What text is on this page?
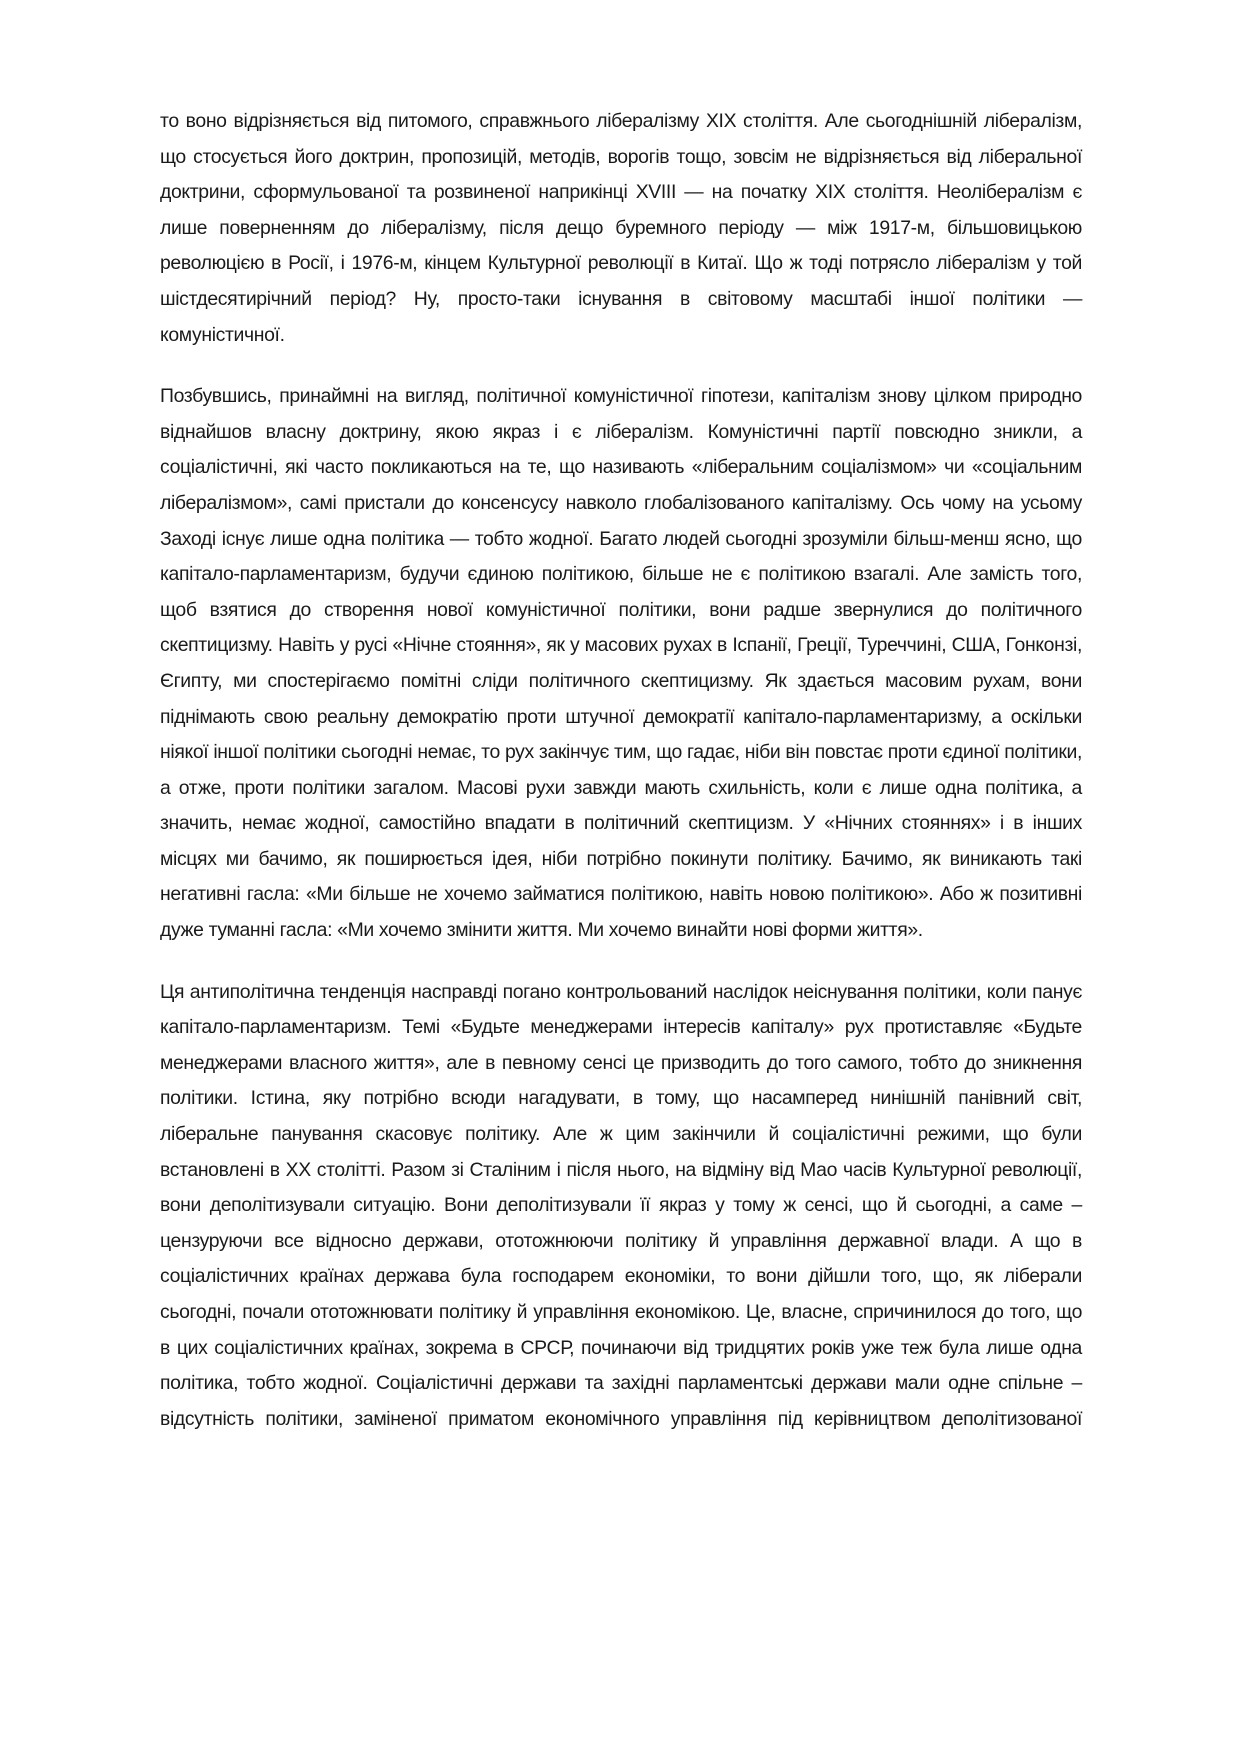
то воно відрізняється від питомого, справжнього лібералізму XIX століття. Але сьогоднішній лібералізм, що стосується його доктрин, пропозицій, методів, ворогів тощо, зовсім не відрізняється від ліберальної доктрини, сформульованої та розвиненої наприкінці XVIII — на початку XIX століття. Неолібералізм є лише поверненням до лібералізму, після дещо буремного періоду — між 1917-м, більшовицькою революцією в Росії, і 1976-м, кінцем Культурної революції в Китаї. Що ж тоді потрясло лібералізм у той шістдесятирічний період? Ну, просто-таки існування в світовому масштабі іншої політики — комуністичної.

Позбувшись, принаймні на вигляд, політичної комуністичної гіпотези, капіталізм знову цілком природно віднайшов власну доктрину, якою якраз і є лібералізм. Комуністичні партії повсюдно зникли, а соціалістичні, які часто покликаються на те, що називають «ліберальним соціалізмом» чи «соціальним лібералізмом», самі пристали до консенсусу навколо глобалізованого капіталізму. Ось чому на усьому Заході існує лише одна політика — тобто жодної. Багато людей сьогодні зрозуміли більш-менш ясно, що капітало-парламентаризм, будучи єдиною політикою, більше не є політикою взагалі. Але замість того, щоб взятися до створення нової комуністичної політики, вони радше звернулися до політичного скептицизму. Навіть у русі «Нічне стояння», як у масових рухах в Іспанії, Греції, Туреччині, США, Гонконзі, Єгипту, ми спостерігаємо помітні сліди політичного скептицизму. Як здається масовим рухам, вони піднімають свою реальну демократію проти штучної демократії капітало-парламентаризму, а оскільки ніякої іншої політики сьогодні немає, то рух закінчує тим, що гадає, ніби він повстає проти єдиної політики, а отже, проти політики загалом. Масові рухи завжди мають схильність, коли є лише одна політика, а значить, немає жодної, самостійно впадати в політичний скептицизм. У «Нічних стояннях» і в інших місцях ми бачимо, як поширюється ідея, ніби потрібно покинути політику. Бачимо, як виникають такі негативні гасла: «Ми більше не хочемо займатися політикою, навіть новою політикою». Або ж позитивні дуже туманні гасла: «Ми хочемо змінити життя. Ми хочемо винайти нові форми життя».

Ця антиполітична тенденція насправді погано контрольований наслідок неіснування політики, коли панує капітало-парламентаризм. Темі «Будьте менеджерами інтересів капіталу» рух протиставляє «Будьте менеджерами власного життя», але в певному сенсі це призводить до того самого, тобто до зникнення політики. Істина, яку потрібно всюди нагадувати, в тому, що насамперед нинішній панівний світ, ліберальне панування скасовує політику. Але ж цим закінчили й соціалістичні режими, що були встановлені в XX столітті. Разом зі Сталіним і після нього, на відміну від Мао часів Культурної революції, вони деполітизували ситуацію. Вони деполітизували її якраз у тому ж сенсі, що й сьогодні, а саме – цензуруючи все відносно держави, ототожнюючи політику й управління державної влади. А що в соціалістичних країнах держава була господарем економіки, то вони дійшли того, що, як ліберали сьогодні, почали ототожнювати політику й управління економікою. Це, власне, спричинилося до того, що в цих соціалістичних країнах, зокрема в СРСР, починаючи від тридцятих років уже теж була лише одна політика, тобто жодної. Соціалістичні держави та західні парламентські держави мали одне спільне – відсутність політики, заміненої приматом економічного управління під керівництвом деполітизованої
